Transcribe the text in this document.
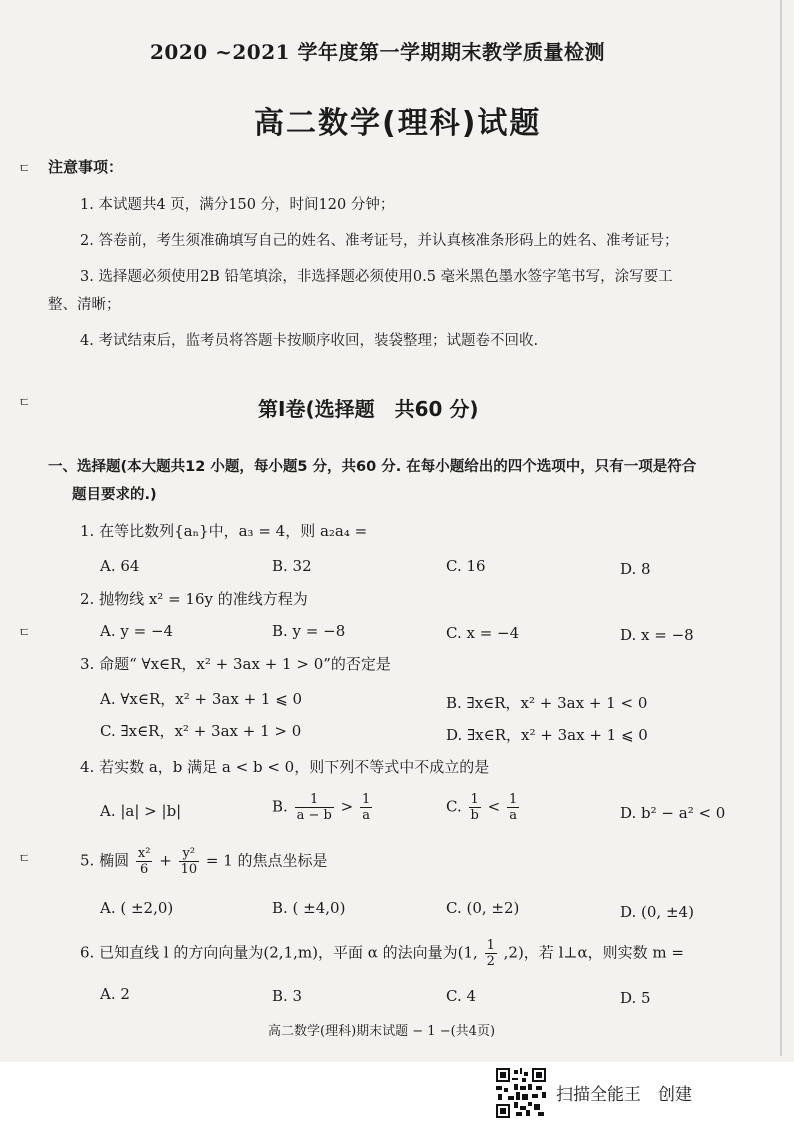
2020 ~2021 学年度第一学期期末教学质量检测
高二数学(理科)试题
注意事项：
1. 本试题共4 页，满分150 分，时间120 分钟；
2. 答卷前，考生须准确填写自己的姓名、准考证号，并认真核准条形码上的姓名、准考证号；
3. 选择题必须使用2B 铅笔填涂，非选择题必须使用0.5 毫米黑色墨水签字笔书写，涂写要工
整、清晰；
4. 考试结束后，监考员将答题卡按顺序收回，装袋整理；试题卷不回收.
第Ⅰ卷(选择题　共60 分)
一、选择题(本大题共12 小题，每小题5 分，共60 分. 在每小题给出的四个选项中，只有一项是符合
题目要求的.)
1. 在等比数列{aₙ}中，a₃ = 4，则 a₂a₄ =
A. 64	B. 32	C. 16	D. 8
2. 抛物线 x² = 16y 的准线方程为
A. y = −4	B. y = −8	C. x = −4	D. x = −8
3. 命题“ ∀x∈R，x² + 3ax + 1 > 0”的否定是
A. ∀x∈R，x² + 3ax + 1 ⩽ 0	B. ∃x∈R，x² + 3ax + 1 < 0
C. ∃x∈R，x² + 3ax + 1 > 0	D. ∃x∈R，x² + 3ax + 1 ⩽ 0
4. 若实数 a，b 满足 a < b < 0，则下列不等式中不成立的是
A. |a| > |b|	B. $\frac{1}{a - b} > \frac{1}{a}$	C. $\frac{1}{b} < \frac{1}{a}$	D. b² − a² < 0
5. 椭圆 $\frac{\text{x²}}{6} + \frac{\text{y²}}{10} = 1$ 的焦点坐标是
A. ( ±2,0)	B. ( ±4,0)	C. (0, ±2)	D. (0, ±4)
6. 已知直线 l 的方向向量为(2,1,m)，平面 α 的法向量为(1, $\frac{1}{2} ,2$)，若 l⊥α，则实数 m =
A. 2	B. 3	C. 4	D. 5
高二数学(理科)期末试题 − 1 −(共4页)
ㄷ
ㄷ
ㄷ
ㄷ
扫描全能王　创建
